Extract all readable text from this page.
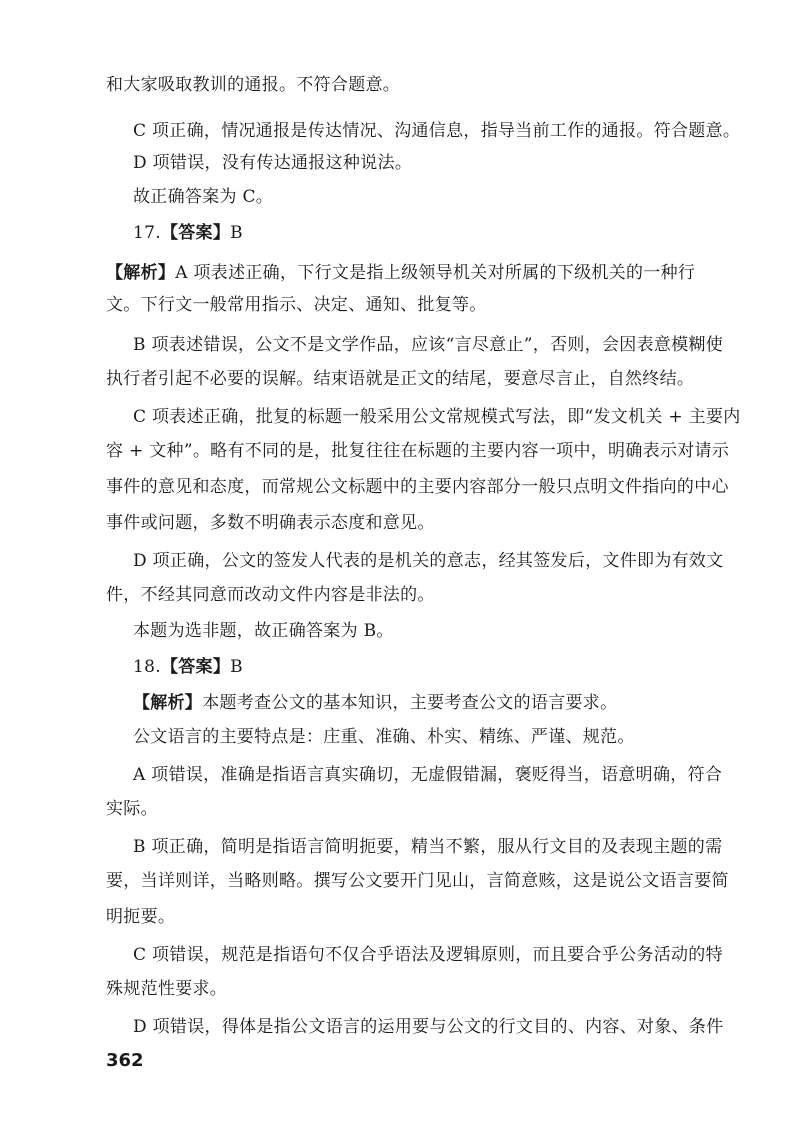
和大家吸取教训的通报。不符合题意。
C 项正确，情况通报是传达情况、沟通信息，指导当前工作的通报。符合题意。
D 项错误，没有传达通报这种说法。
故正确答案为 C。
17.【答案】B
【解析】A 项表述正确，下行文是指上级领导机关对所属的下级机关的一种行
文。下行文一般常用指示、决定、通知、批复等。
B 项表述错误，公文不是文学作品，应该“言尽意止”，否则，会因表意模糊使
执行者引起不必要的误解。结束语就是正文的结尾，要意尽言止，自然终结。
C 项表述正确，批复的标题一般采用公文常规模式写法，即“发文机关 + 主要内
容 + 文种”。略有不同的是，批复往往在标题的主要内容一项中，明确表示对请示
事件的意见和态度，而常规公文标题中的主要内容部分一般只点明文件指向的中心
事件或问题，多数不明确表示态度和意见。
D 项正确，公文的签发人代表的是机关的意志，经其签发后，文件即为有效文
件，不经其同意而改动文件内容是非法的。
本题为选非题，故正确答案为 B。
18.【答案】B
【解析】本题考查公文的基本知识，主要考查公文的语言要求。
公文语言的主要特点是：庄重、准确、朴实、精练、严谨、规范。
A 项错误，准确是指语言真实确切，无虚假错漏，褒贬得当，语意明确，符合
实际。
B 项正确，简明是指语言简明扼要，精当不繁，服从行文目的及表现主题的需
要，当详则详，当略则略。撰写公文要开门见山，言简意赅，这是说公文语言要简
明扼要。
C 项错误，规范是指语句不仅合乎语法及逻辑原则，而且要合乎公务活动的特
殊规范性要求。
D 项错误，得体是指公文语言的运用要与公文的行文目的、内容、对象、条件
362
